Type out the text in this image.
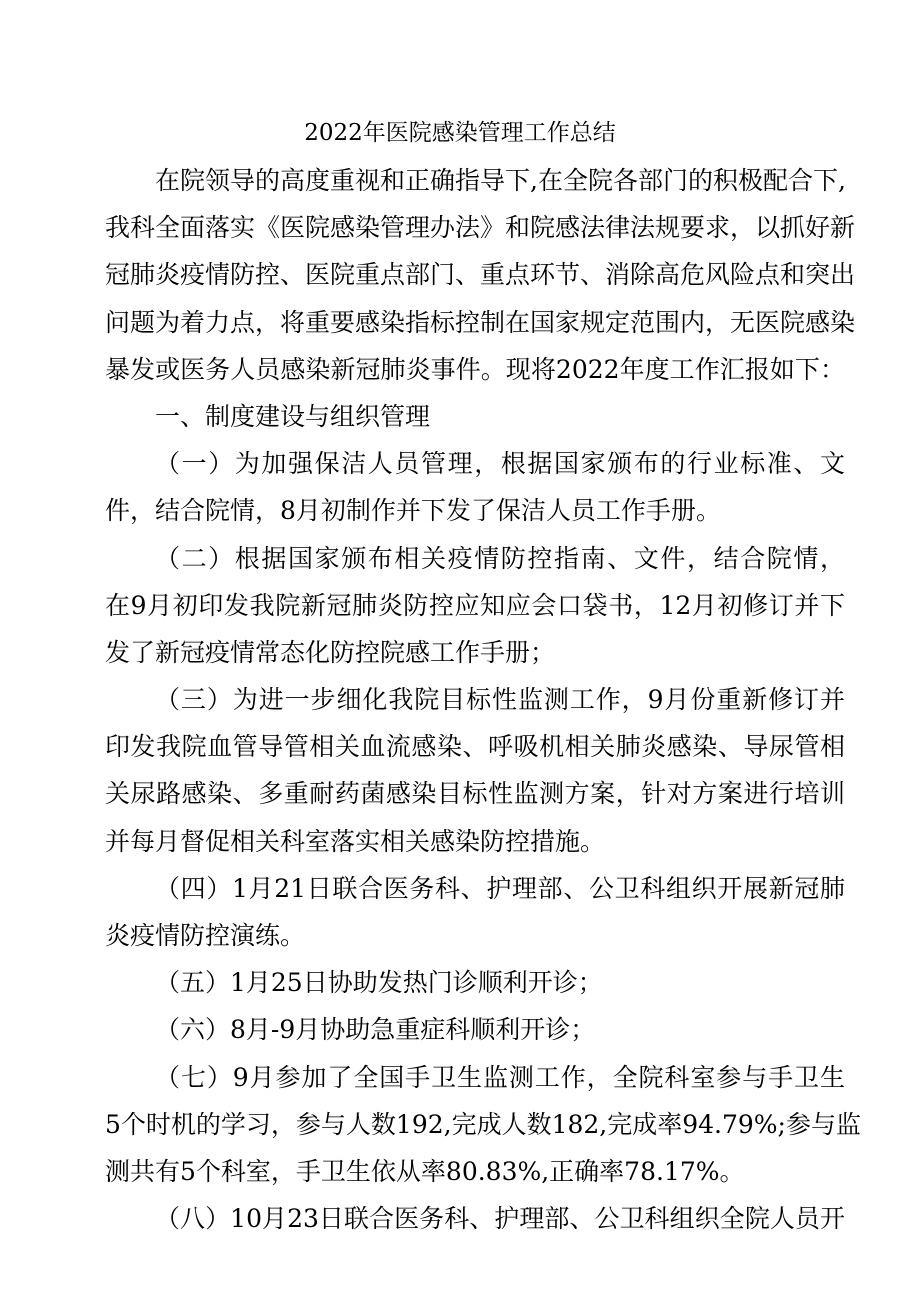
2022年医院感染管理工作总结
在院领导的高度重视和正确指导下,在全院各部门的积极配合下,
我科全面落实《医院感染管理办法》和院感法律法规要求，以抓好新
冠肺炎疫情防控、医院重点部门、重点环节、消除高危风险点和突出
问题为着力点，将重要感染指标控制在国家规定范围内，无医院感染
暴发或医务人员感染新冠肺炎事件。现将2022年度工作汇报如下：
一、制度建设与组织管理
（一）为加强保洁人员管理，根据国家颁布的行业标准、文
件，结合院情，8月初制作并下发了保洁人员工作手册。
（二）根据国家颁布相关疫情防控指南、文件，结合院情，
在9月初印发我院新冠肺炎防控应知应会口袋书，12月初修订并下
发了新冠疫情常态化防控院感工作手册；
（三）为进一步细化我院目标性监测工作，9月份重新修订并
印发我院血管导管相关血流感染、呼吸机相关肺炎感染、导尿管相
关尿路感染、多重耐药菌感染目标性监测方案，针对方案进行培训
并每月督促相关科室落实相关感染防控措施。
（四）1月21日联合医务科、护理部、公卫科组织开展新冠肺
炎疫情防控演练。
（五）1月25日协助发热门诊顺利开诊；
（六）8月-9月协助急重症科顺利开诊；
（七）9月参加了全国手卫生监测工作，全院科室参与手卫生
5个时机的学习，参与人数192,完成人数182,完成率94.79%;参与监
测共有5个科室，手卫生依从率80.83%,正确率78.17%。
（八）10月23日联合医务科、护理部、公卫科组织全院人员开
